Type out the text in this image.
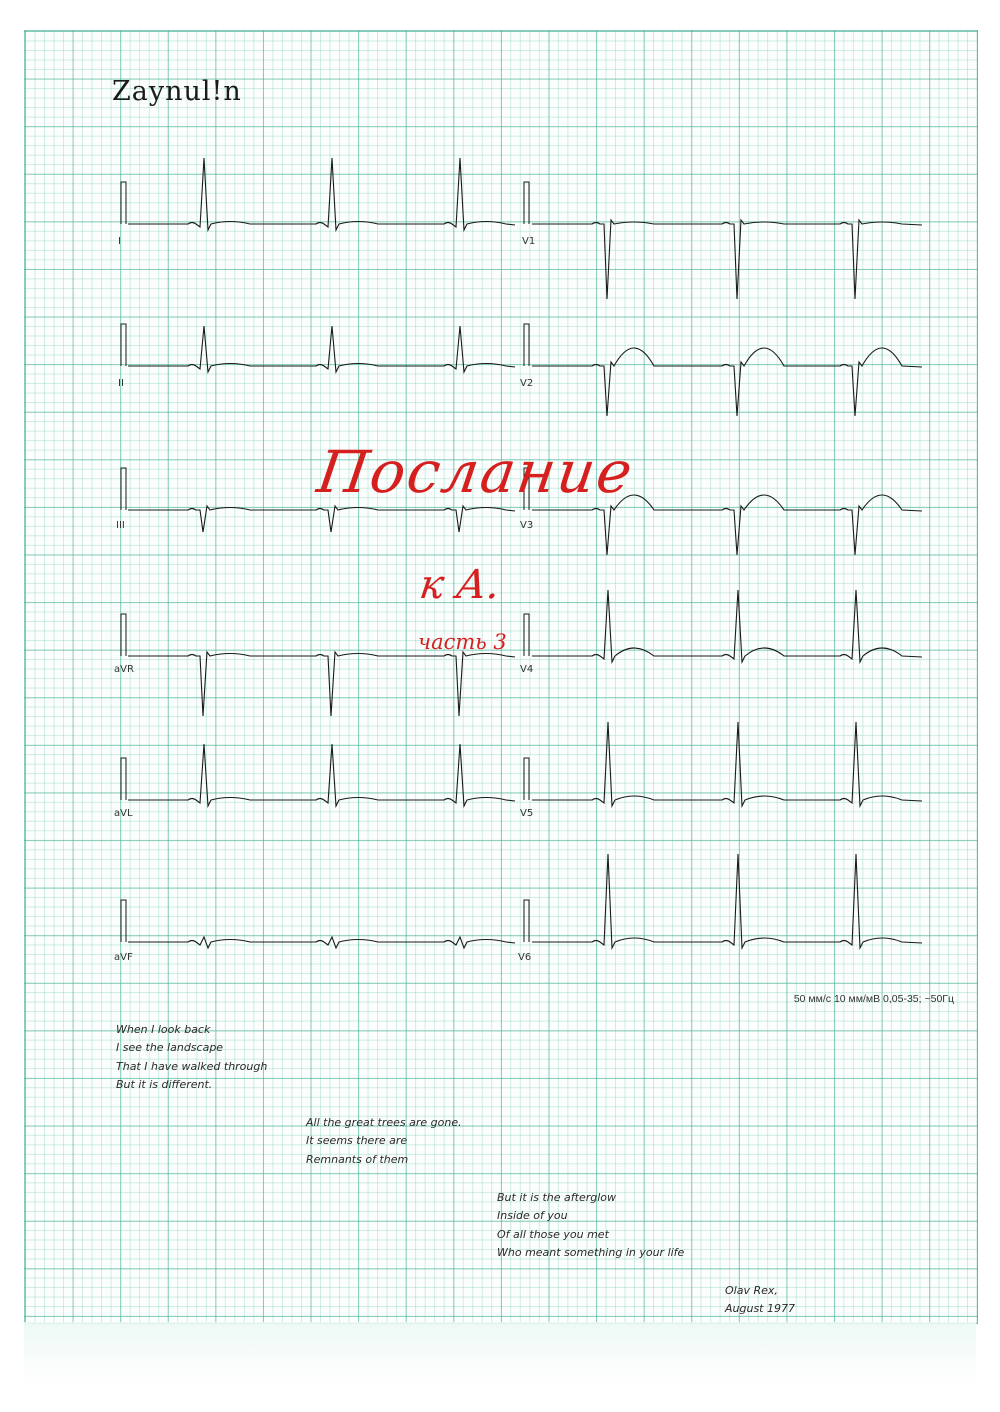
Zaynul!n
I
II
III
aVR
aVL
aVF
V1
V2
V3
V4
V5
V6
Послание
к А.
часть 3
50 мм/с 10 мм/мВ 0,05-35; ~50Гц
When I look back
I see the landscape
That I have walked through
But it is different.
All the great trees are gone.
It seems there are
Remnants of them
But it is the afterglow
Inside of you
Of all those you met
Who meant something in your life
Olav Rex,
August 1977
